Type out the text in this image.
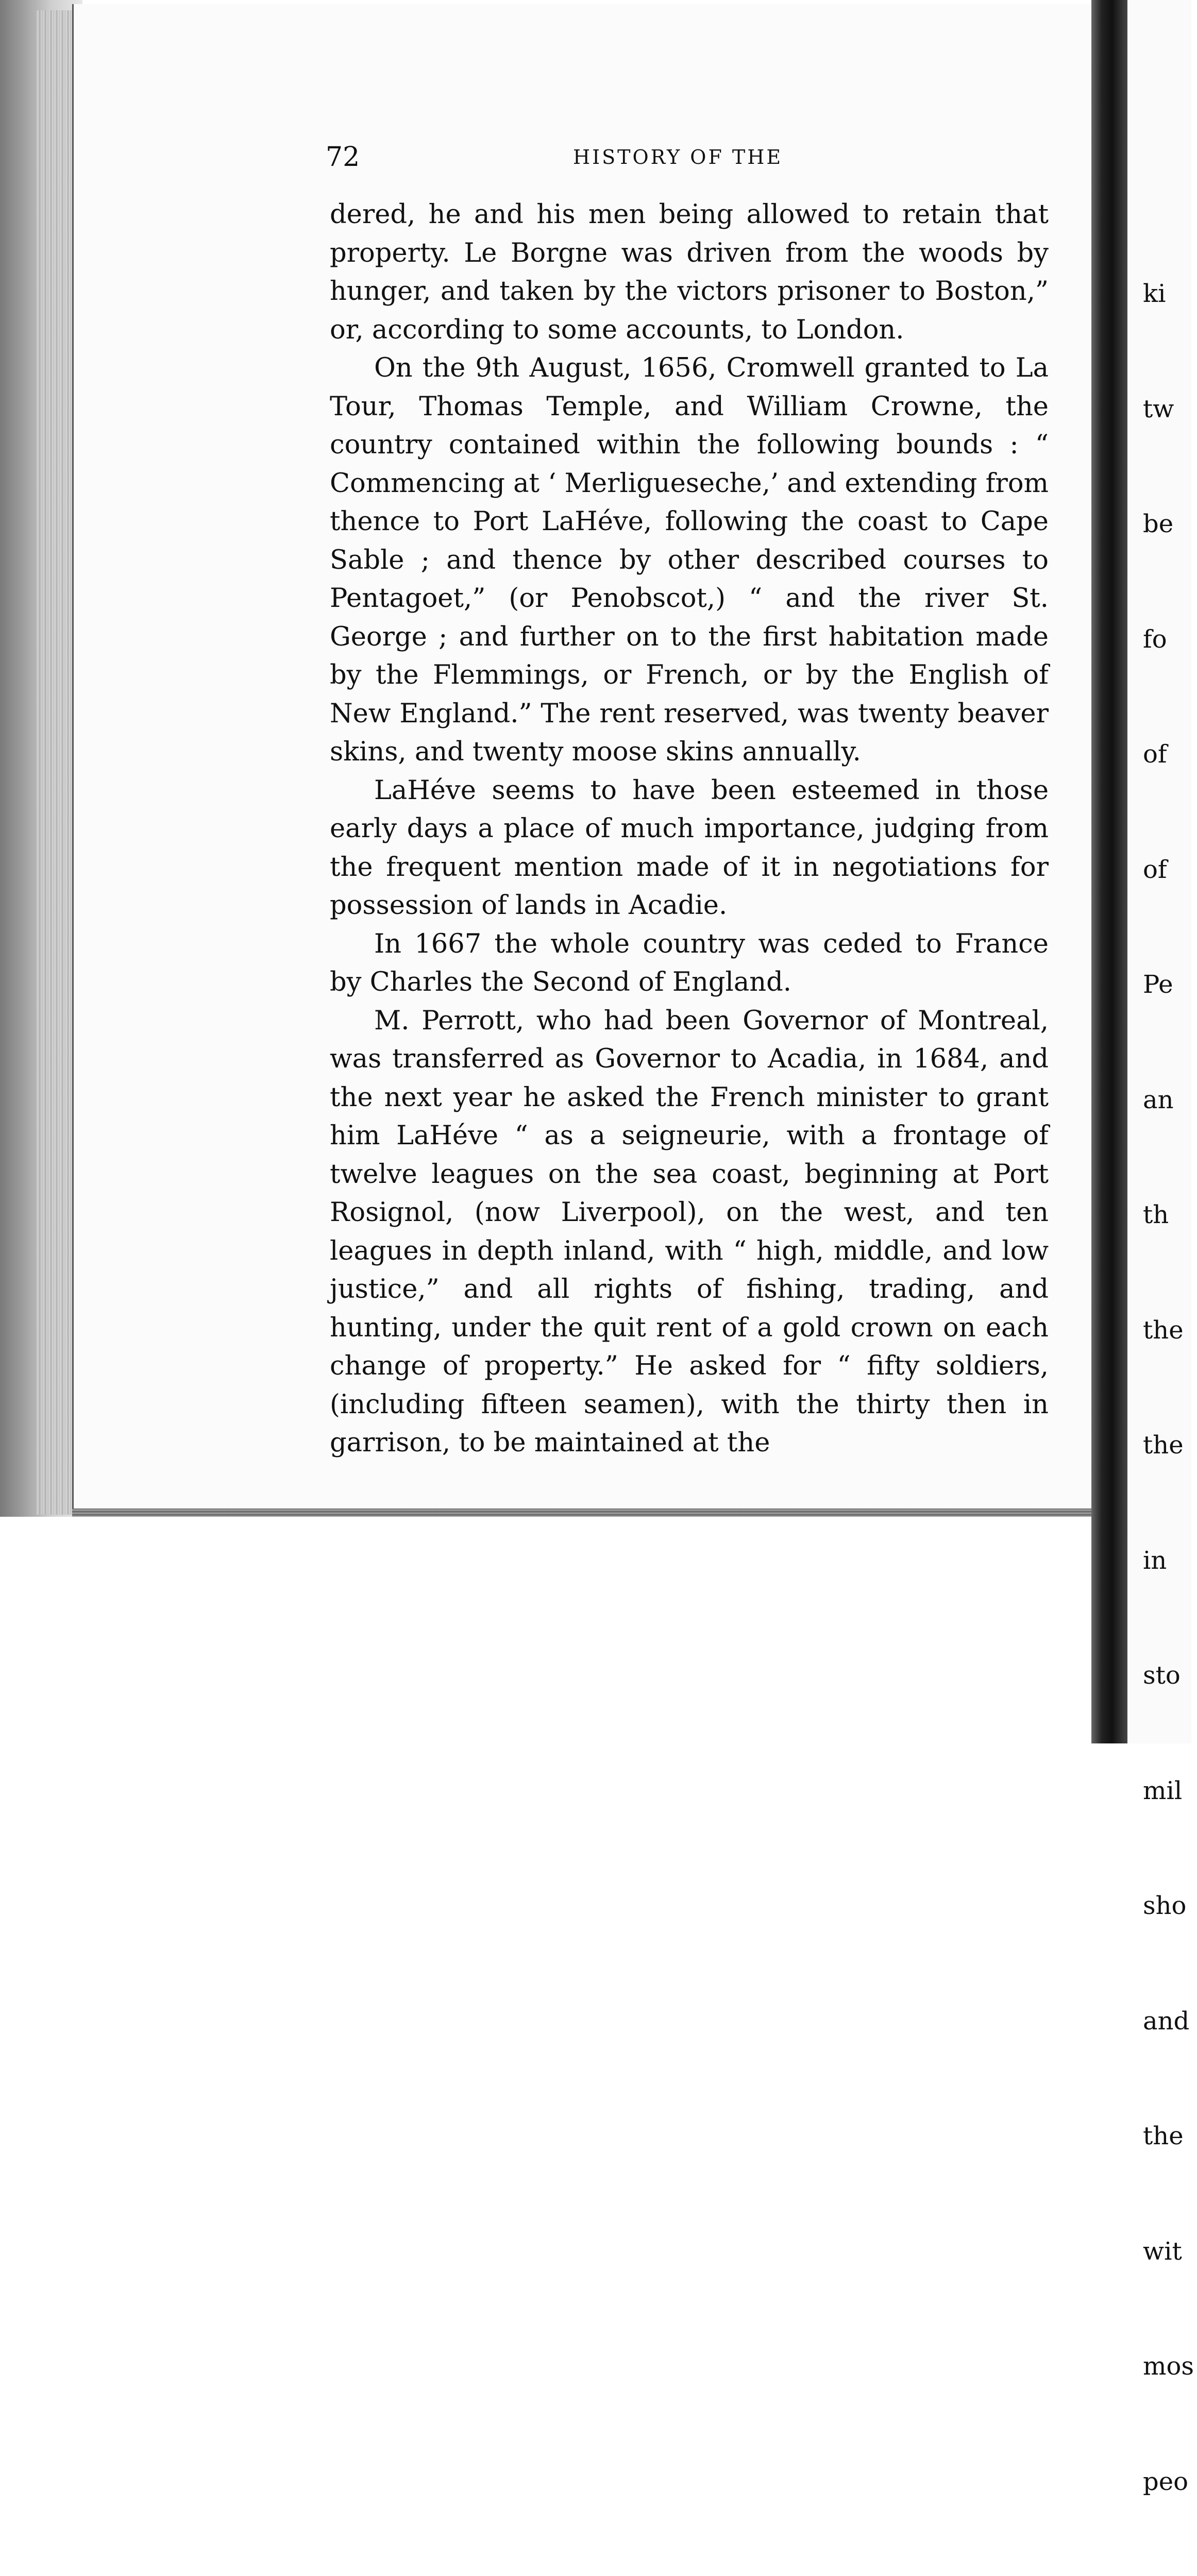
72	HISTORY OF THE

dered, he and his men being allowed to retain that property. Le Borgne was driven from the woods by hunger, and taken by the victors prisoner to Boston,” or, according to some accounts, to London.

On the 9th August, 1656, Cromwell granted to La Tour, Thomas Temple, and William Crowne, the country contained within the following bounds : “ Commencing at ‘ Merligueseche,’ and extending from thence to Port LaHéve, following the coast to Cape Sable ; and thence by other described courses to Pentagoet,” (or Penobscot,) “ and the river St. George ; and further on to the first habitation made by the Flemmings, or French, or by the English of New England.” The rent reserved, was twenty beaver skins, and twenty moose skins annually.

LaHéve seems to have been esteemed in those early days a place of much importance, judging from the frequent mention made of it in negotiations for possession of lands in Acadie.

In 1667 the whole country was ceded to France by Charles the Second of England.

M. Perrott, who had been Governor of Montreal, was transferred as Governor to Acadia, in 1684, and the next year he asked the French minister to grant him LaHéve “ as a seigneurie, with a frontage of twelve leagues on the sea coast, beginning at Port Rosignol, (now Liverpool), on the west, and ten leagues in depth inland, with “ high, middle, and low justice,” and all rights of fishing, trading, and hunting, under the quit rent of a gold crown on each change of property.” He asked for “ fifty soldiers, (including fifteen seamen), with the thirty then in garrison, to be maintained at the

ki

tw

be

fo

of

of

Pe

an

th

the

the

in

sto

mil

sho

and

the

wit

mos

peo
